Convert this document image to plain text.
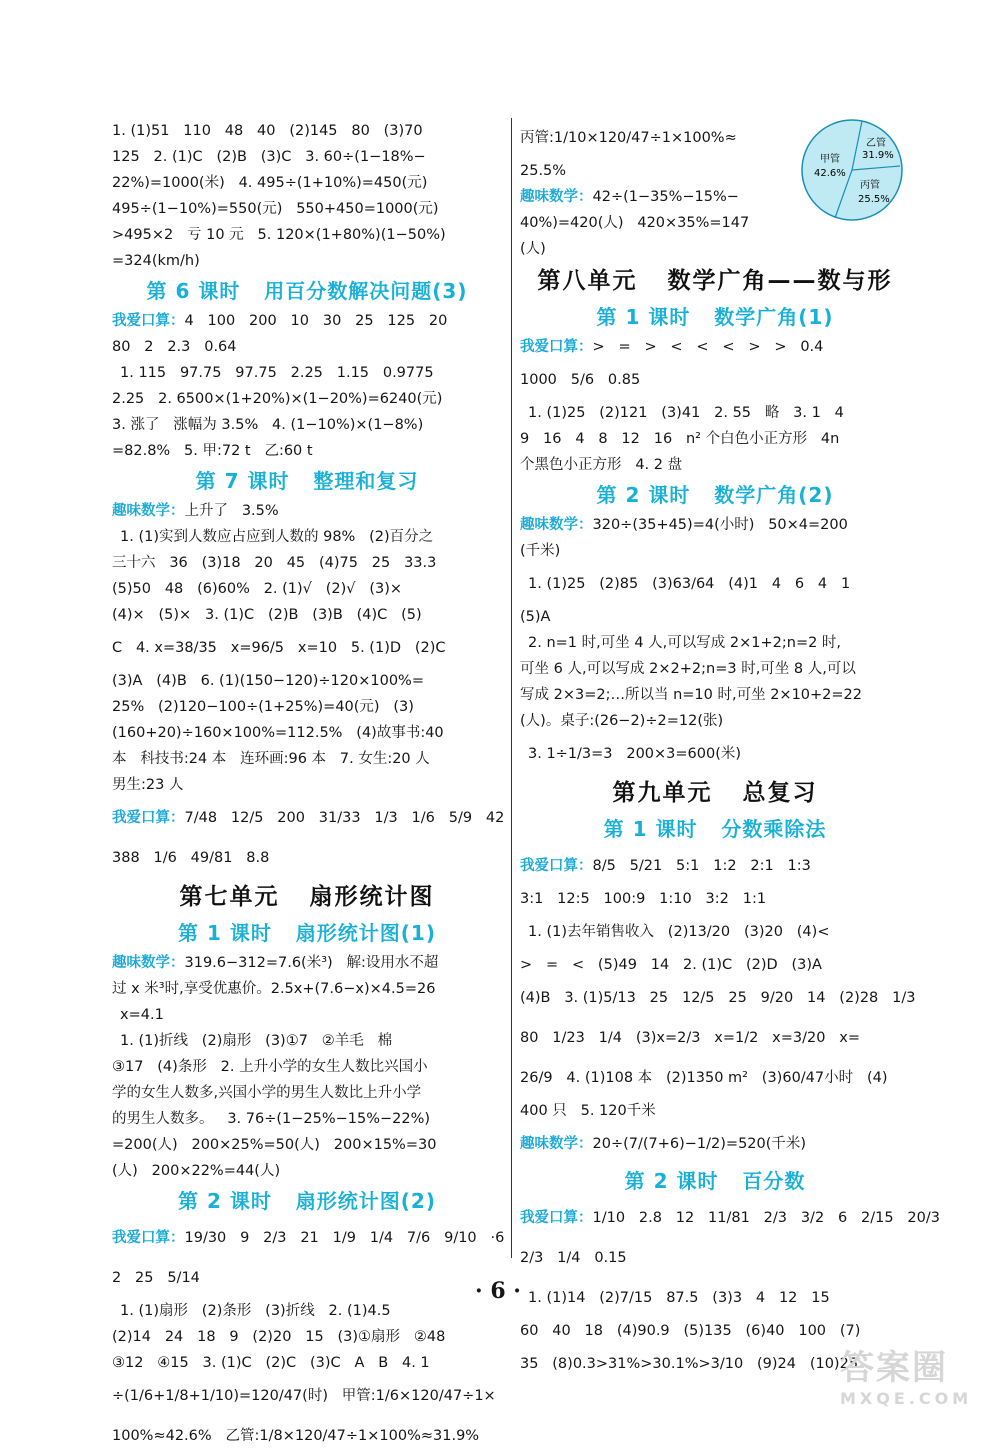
1. (1)51   110   48   40   (2)145   80   (3)70
125   2. (1)C   (2)B   (3)C   3. 60÷(1−18%−
22%)=1000(米)   4. 495÷(1+10%)=450(元)
495÷(1−10%)=550(元)   550+450=1000(元)
>495×2   亏 10 元   5. 120×(1+80%)(1−50%)
=324(km/h)
第 6 课时   用百分数解决问题(3)
我爱口算：4   100   200   10   30   25   125   20
80   2   2.3   0.64
1. 115   97.75   97.75   2.25   1.15   0.9775
2.25   2. 6500×(1+20%)×(1−20%)=6240(元)
3. 涨了   涨幅为 3.5%   4. (1−10%)×(1−8%)
=82.8%   5. 甲:72 t   乙:60 t
第 7 课时   整理和复习
趣味数学：上升了   3.5%
1. (1)实到人数应占应到人数的 98%   (2)百分之
三十六   36   (3)18   20   45   (4)75   25   33.3
(5)50   48   (6)60%   2. (1)√   (2)√   (3)×
(4)×   (5)×   3. (1)C   (2)B   (3)B   (4)C   (5)
C   4. x=38/35   x=96/5   x=10   5. (1)D   (2)C
(3)A   (4)B   6. (1)(150−120)÷120×100%=
25%   (2)120−100÷(1+25%)=40(元)   (3)
(160+20)÷160×100%=112.5%   (4)故事书:40
本   科技书:24 本   连环画:96 本   7. 女生:20 人
男生:23 人
我爱口算：7/48   12/5   200   31/33   1/3   1/6   5/9   42
388   1/6   49/81   8.8
第七单元   扇形统计图
第 1 课时   扇形统计图(1)
趣味数学：319.6−312=7.6(米³)   解:设用水不超
过 x 米³时,享受优惠价。2.5x+(7.6−x)×4.5=26
x=4.1
1. (1)折线   (2)扇形   (3)①7   ②羊毛   棉
③17   (4)条形   2. 上升小学的女生人数比兴国小
学的女生人数多,兴国小学的男生人数比上升小学
的男生人数多。   3. 76÷(1−25%−15%−22%)
=200(人)   200×25%=50(人)   200×15%=30
(人)   200×22%=44(人)
第 2 课时   扇形统计图(2)
我爱口算：19/30   9   2/3   21   1/9   1/4   7/6   9/10   ·6
2   25   5/14
1. (1)扇形   (2)条形   (3)折线   2. (1)4.5
(2)14   24   18   9   (2)20   15   (3)①扇形   ②48
③12   ④15   3. (1)C   (2)C   (3)C   A   B   4. 1
÷(1/6+1/8+1/10)=120/47(时)   甲管:1/6×120/47÷1×
100%≈42.6%   乙管:1/8×120/47÷1×100%≈31.9%
丙管:1/10×120/47÷1×100%≈
25.5%
趣味数学：42÷(1−35%−15%−
40%)=420(人)   420×35%=147
(人)
第八单元   数学广角——数与形
第 1 课时   数学广角(1)
我爱口算：>   =   >   <   <   <   >   >   0.4
1000   5/6   0.85
1. (1)25   (2)121   (3)41   2. 55   略   3. 1   4
9   16   4   8   12   16   n² 个白色小正方形   4n
个黑色小正方形   4. 2 盘
第 2 课时   数学广角(2)
趣味数学：320÷(35+45)=4(小时)   50×4=200
(千米)
1. (1)25   (2)85   (3)63/64   (4)1   4   6   4   1
(5)A
2. n=1 时,可坐 4 人,可以写成 2×1+2;n=2 时,
可坐 6 人,可以写成 2×2+2;n=3 时,可坐 8 人,可以
写成 2×3=2;…所以当 n=10 时,可坐 2×10+2=22
(人)。桌子:(26−2)÷2=12(张)
3. 1÷1/3=3   200×3=600(米)
第九单元   总复习
第 1 课时   分数乘除法
我爱口算：8/5   5/21   5:1   1:2   2:1   1:3
3:1   12:5   100:9   1:10   3:2   1:1
1. (1)去年销售收入   (2)13/20   (3)20   (4)<
>   =   <   (5)49   14   2. (1)C   (2)D   (3)A
(4)B   3. (1)5/13   25   12/5   25   9/20   14   (2)28   1/3
80   1/23   1/4   (3)x=2/3   x=1/2   x=3/20   x=
26/9   4. (1)108 本   (2)1350 m²   (3)60/47小时   (4)
400 只   5. 120千米
趣味数学：20÷(7/(7+6)−1/2)=520(千米)
第 2 课时   百分数
我爱口算：1/10   2.8   12   11/81   2/3   3/2   6   2/15   20/3
2/3   1/4   0.15
1. (1)14   (2)7/15   87.5   (3)3   4   12   15
60   40   18   (4)90.9   (5)135   (6)40   100   (7)
35   (8)0.3>31%>30.1%>3/10   (9)24   (10)25
甲管
42.6%
乙管
31.9%
丙管
25.5%
· 6 ·
答案圈
MXQE.COM
